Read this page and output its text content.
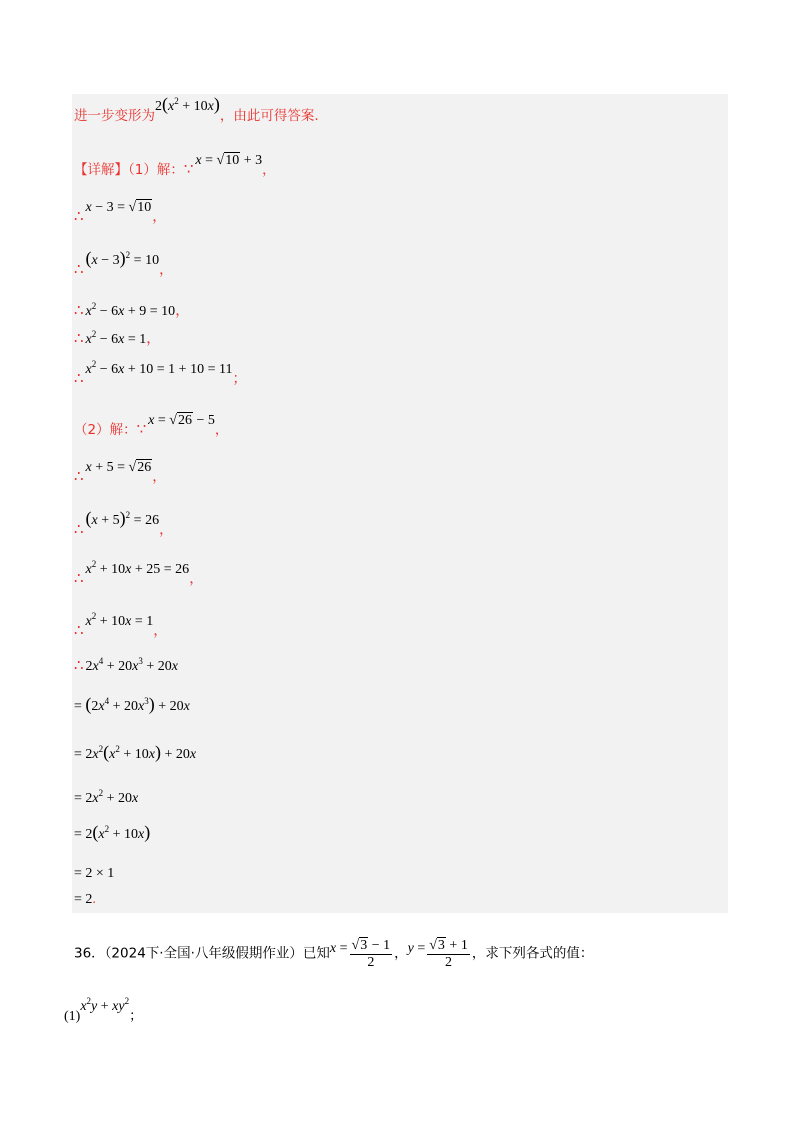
进一步变形为$2(x^2 + 10x)$，由此可得答案.
【详解】（1）解：∵ x = √10 + 3，
∴ x − 3 = √10，
∴(x − 3)$^2$ = 10，
∴ $x^2 - 6x + 9 = 10$，
∴ $x^2 - 6x = 1$，
∴ $x^2 - 6x + 10 = 1 + 10 = 11$；
（2）解：∵ x = √26 − 5，
∴ x + 5 = √26，
∴(x + 5)$^2$ = 26，
∴ $x^2 + 10x + 25 = 26$，
∴ $x^2 + 10x = 1$，
∴ $2x^4 + 20x^3 + 20x$
= $(2x^4 + 20x^3) + 20x$
= $2x^2(x^2 + 10x) + 20x$
= $2x^2 + 20x$
= $2(x^2 + 10x)$
= 2 × 1
= 2.
36．（2024下·全国·八年级假期作业）已知$x = \frac{√3 - 1}{2}$ ，$y = \frac{√3 + 1}{2}$ ，求下列各式的值：
$(1)x^2y + xy^2$；
